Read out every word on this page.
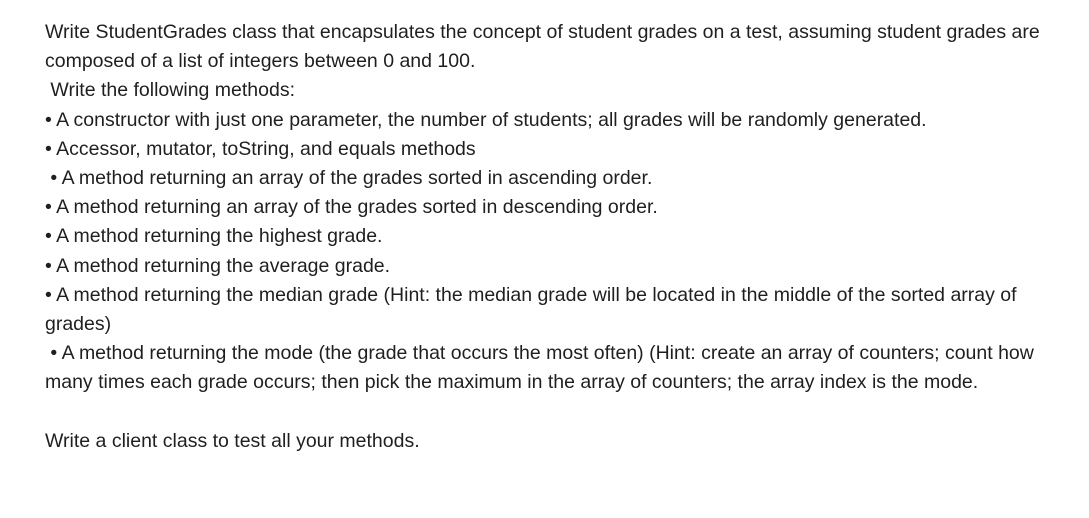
Write StudentGrades class that encapsulates the concept of student grades on a test, assuming student grades are composed of a list of integers between 0 and 100.

Write the following methods:

• A constructor with just one parameter, the number of students; all grades will be randomly generated.

• Accessor, mutator, toString, and equals methods

• A method returning an array of the grades sorted in ascending order.

• A method returning an array of the grades sorted in descending order.

• A method returning the highest grade.

• A method returning the average grade.

• A method returning the median grade (Hint: the median grade will be located in the middle of the sorted array of grades)

• A method returning the mode (the grade that occurs the most often) (Hint: create an array of counters; count how many times each grade occurs; then pick the maximum in the array of counters; the array index is the mode.

Write a client class to test all your methods.
